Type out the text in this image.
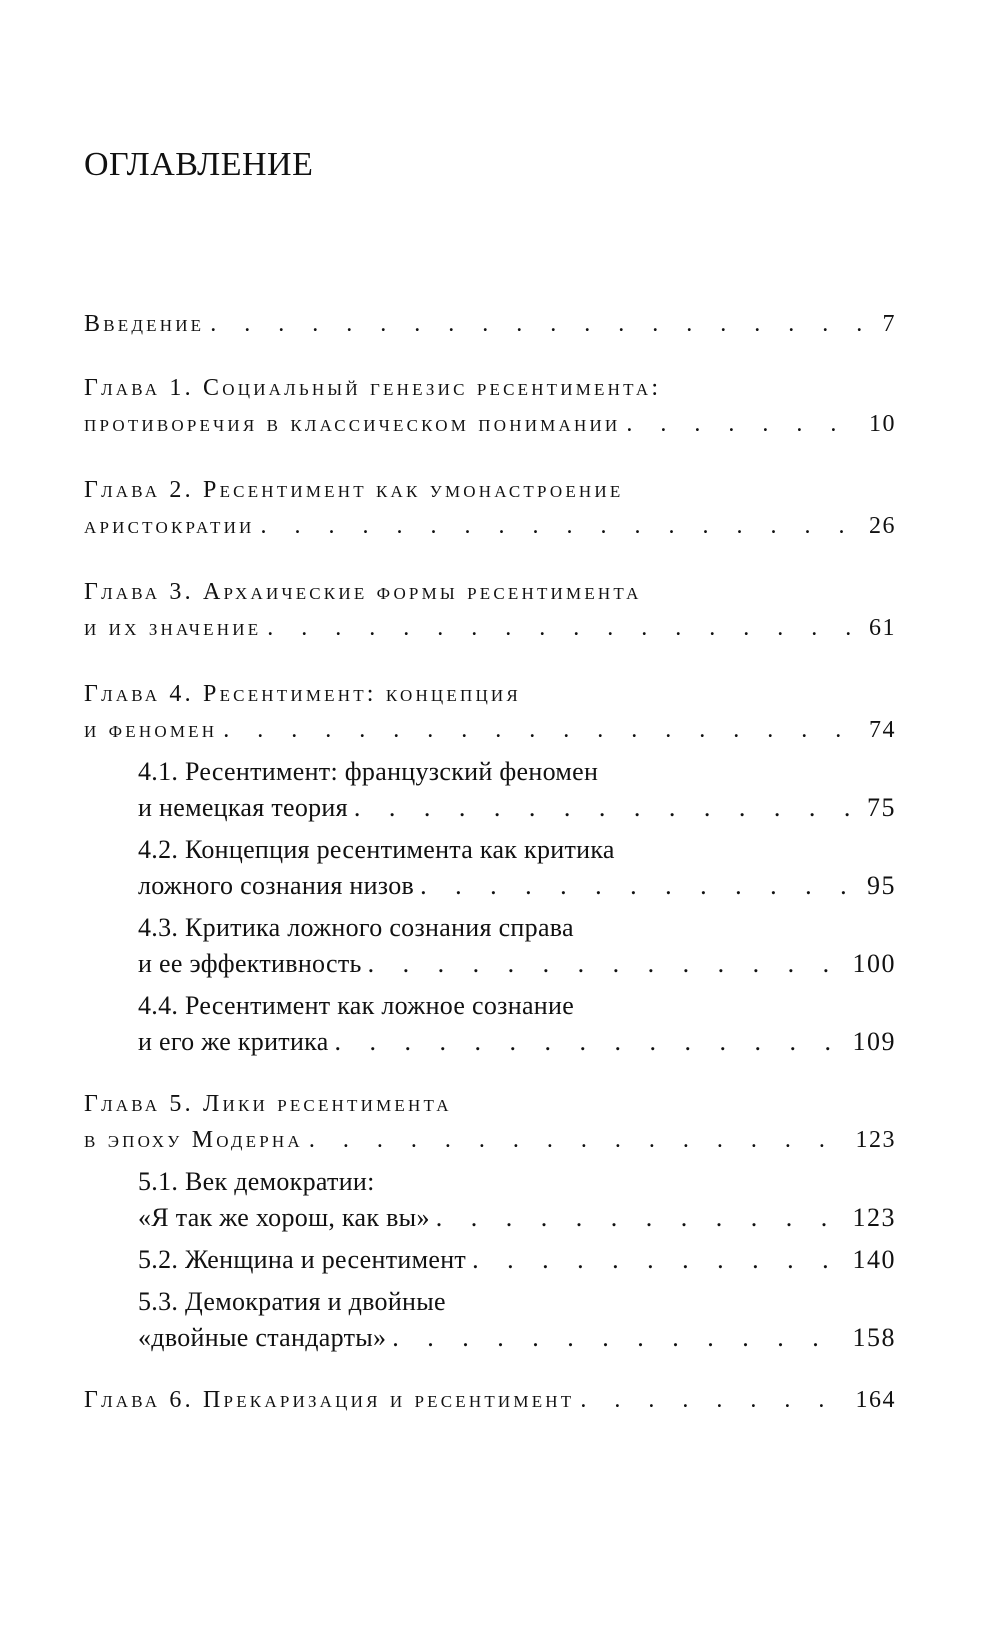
ОГЛАВЛЕНИЕ
Введение . . .	7
Глава 1. Социальный генезис ресентимента:
противоречия в классическом понимании . . .	10
Глава 2. Ресентимент как умонастроение
аристократии . . .	26
Глава 3. Архаические формы ресентимента
и их значение . . .	61
Глава 4. Ресентимент: концепция
и феномен . . .	74
4.1. Ресентимент: французский феномен
и немецкая теория . . .	75
4.2. Концепция ресентимента как критика
ложного сознания низов . . .	95
4.3. Критика ложного сознания справа
и ее эффективность . . .	100
4.4. Ресентимент как ложное сознание
и его же критика . . .	109
Глава 5. Лики ресентимента
в эпоху Модерна . . .	123
5.1. Век демократии:
«Я так же хорош, как вы» . . .	123
5.2. Женщина и ресентимент . . .	140
5.3. Демократия и двойные
«двойные стандарты» . . .	158
Глава 6. Прекаризация и ресентимент . . .	164
